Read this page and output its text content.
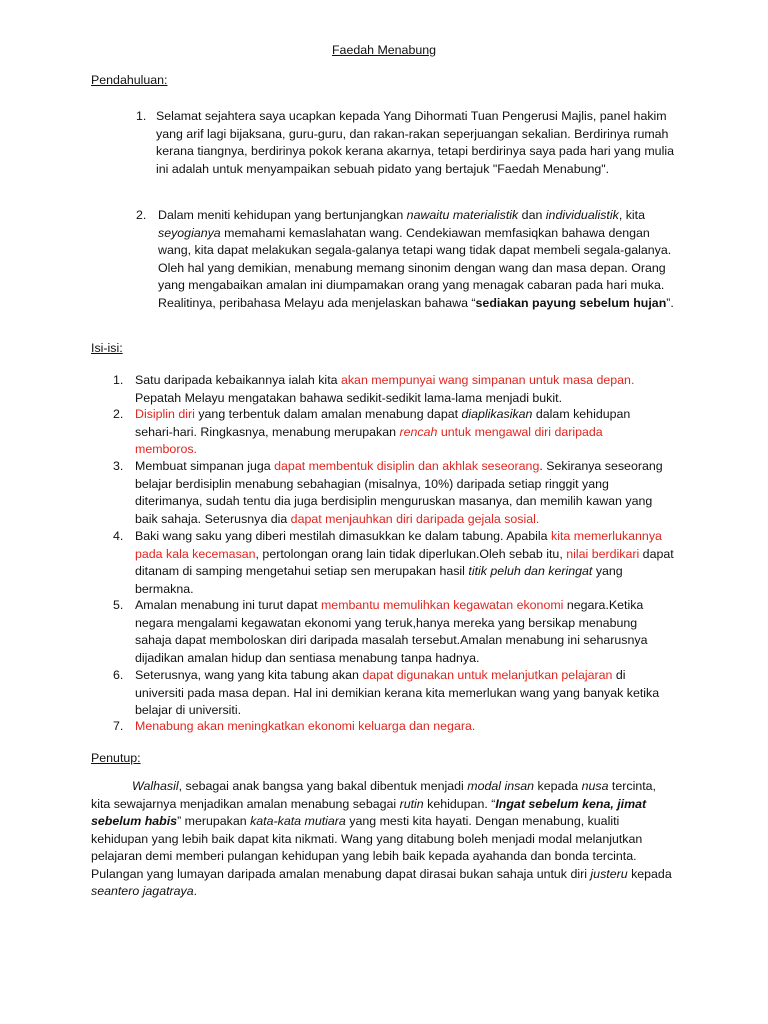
Faedah Menabung
Pendahuluan:
1. Selamat sejahtera saya ucapkan kepada Yang Dihormati Tuan Pengerusi Majlis, panel hakim yang arif lagi bijaksana, guru-guru, dan rakan-rakan seperjuangan sekalian. Berdirinya rumah kerana tiangnya, berdirinya pokok kerana akarnya, tetapi berdirinya saya pada hari yang mulia ini adalah untuk menyampaikan sebuah pidato yang bertajuk "Faedah Menabung".
2. Dalam meniti kehidupan yang bertunjangkan nawaitu materialistik dan individualistik, kita seyogianya memahami kemaslahatan wang. Cendekiawan memfasiqkan bahawa dengan wang, kita dapat melakukan segala-galanya tetapi wang tidak dapat membeli segala-galanya. Oleh hal yang demikian, menabung memang sinonim dengan wang dan masa depan. Orang yang mengabaikan amalan ini diumpamakan orang yang menagak cabaran pada hari muka. Realitinya, peribahasa Melayu ada menjelaskan bahawa “sediakan payung sebelum hujan”.
Isi-isi:
1. Satu daripada kebaikannya ialah kita akan mempunyai wang simpanan untuk masa depan. Pepatah Melayu mengatakan bahawa sedikit-sedikit lama-lama menjadi bukit.
2. Disiplin diri yang terbentuk dalam amalan menabung dapat diaplikasikan dalam kehidupan sehari-hari. Ringkasnya, menabung merupakan rencah untuk mengawal diri daripada memboros.
3. Membuat simpanan juga dapat membentuk disiplin dan akhlak seseorang. Sekiranya seseorang belajar berdisiplin menabung sebahagian (misalnya, 10%) daripada setiap ringgit yang diterimanya, sudah tentu dia juga berdisiplin menguruskan masanya, dan memilih kawan yang baik sahaja. Seterusnya dia dapat menjauhkan diri daripada gejala sosial.
4. Baki wang saku yang diberi mestilah dimasukkan ke dalam tabung. Apabila kita memerlukannya pada kala kecemasan, pertolongan orang lain tidak diperlukan.Oleh sebab itu, nilai berdikari dapat ditanam di samping mengetahui setiap sen merupakan hasil titik peluh dan keringat yang bermakna.
5. Amalan menabung ini turut dapat membantu memulihkan kegawatan ekonomi negara.Ketika negara mengalami kegawatan ekonomi yang teruk,hanya mereka yang bersikap menabung sahaja dapat memboloskan diri daripada masalah tersebut.Amalan menabung ini seharusnya dijadikan amalan hidup dan sentiasa menabung tanpa hadnya.
6. Seterusnya, wang yang kita tabung akan dapat digunakan untuk melanjutkan pelajaran di universiti pada masa depan. Hal ini demikian kerana kita memerlukan wang yang banyak ketika belajar di universiti.
7. Menabung akan meningkatkan ekonomi keluarga dan negara.
Penutup:
Walhasil, sebagai anak bangsa yang bakal dibentuk menjadi modal insan kepada nusa tercinta, kita sewajarnya menjadikan amalan menabung sebagai rutin kehidupan. “Ingat sebelum kena, jimat sebelum habis” merupakan kata-kata mutiara yang mesti kita hayati. Dengan menabung, kualiti kehidupan yang lebih baik dapat kita nikmati. Wang yang ditabung boleh menjadi modal melanjutkan pelajaran demi memberi pulangan kehidupan yang lebih baik kepada ayahanda dan bonda tercinta. Pulangan yang lumayan daripada amalan menabung dapat dirasai bukan sahaja untuk diri justeru kepada seantero jagatraya.
